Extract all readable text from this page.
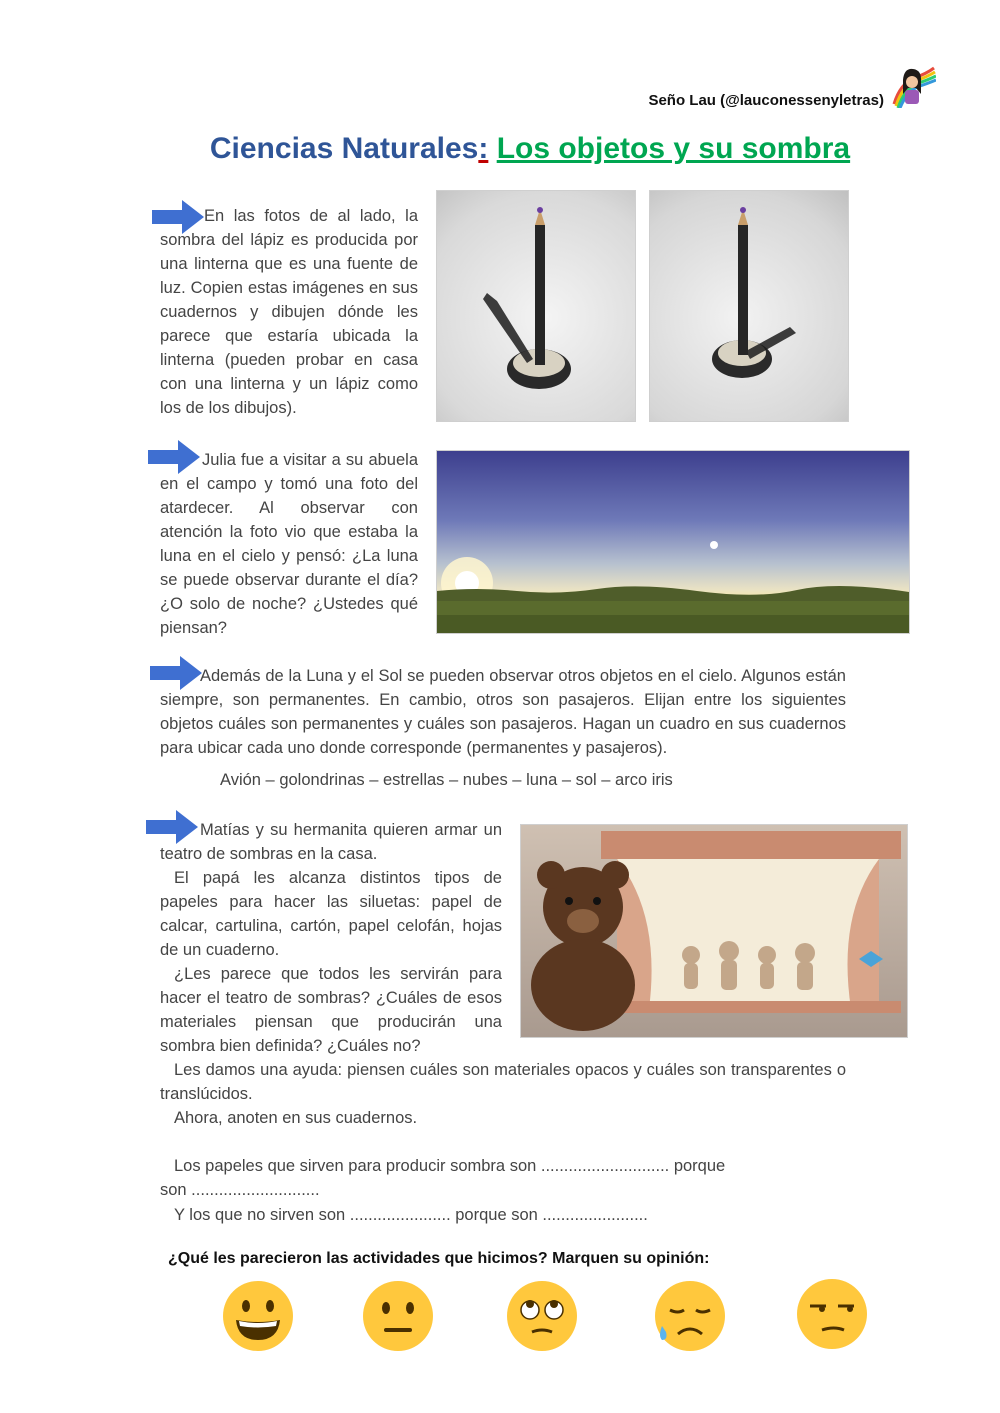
Seño Lau (@lauconessenyletras)
Ciencias Naturales: Los objetos y su sombra
En las fotos de al lado, la sombra del lápiz es producida por una linterna que es una fuente de luz. Copien estas imágenes en sus cuadernos y dibujen dónde les parece que estaría ubicada la linterna (pueden probar en casa con una linterna y un lápiz como los de los dibujos).
Julia fue a visitar a su abuela en el campo y tomó una foto del atardecer. Al observar con atención la foto vio que estaba la luna en el cielo y pensó: ¿La luna se puede observar durante el día? ¿O solo de noche? ¿Ustedes qué piensan?
Además de la Luna y el Sol se pueden observar otros objetos en el cielo. Algunos están siempre, son permanentes. En cambio, otros son pasajeros. Elijan entre los siguientes objetos cuáles son permanentes y cuáles son pasajeros. Hagan un cuadro en sus cuadernos para ubicar cada uno donde corresponde (permanentes y pasajeros).
Avión – golondrinas – estrellas – nubes – luna – sol – arco iris
Matías y su hermanita quieren armar un teatro de sombras en la casa.
El papá les alcanza distintos tipos de papeles para hacer las siluetas: papel de calcar, cartulina, cartón, papel celofán, hojas de un cuaderno.
¿Les parece que todos les servirán para hacer el teatro de sombras? ¿Cuáles de esos materiales piensan que producirán una sombra bien definida? ¿Cuáles no?
Les damos una ayuda: piensen cuáles son materiales opacos y cuáles son transparentes o translúcidos.
Ahora, anoten en sus cuadernos.
Los papeles que sirven para producir sombra son ............................ porque
son ............................
Y los que no sirven son ...................... porque son .......................
¿Qué les parecieron las actividades que hicimos? Marquen su opinión:
